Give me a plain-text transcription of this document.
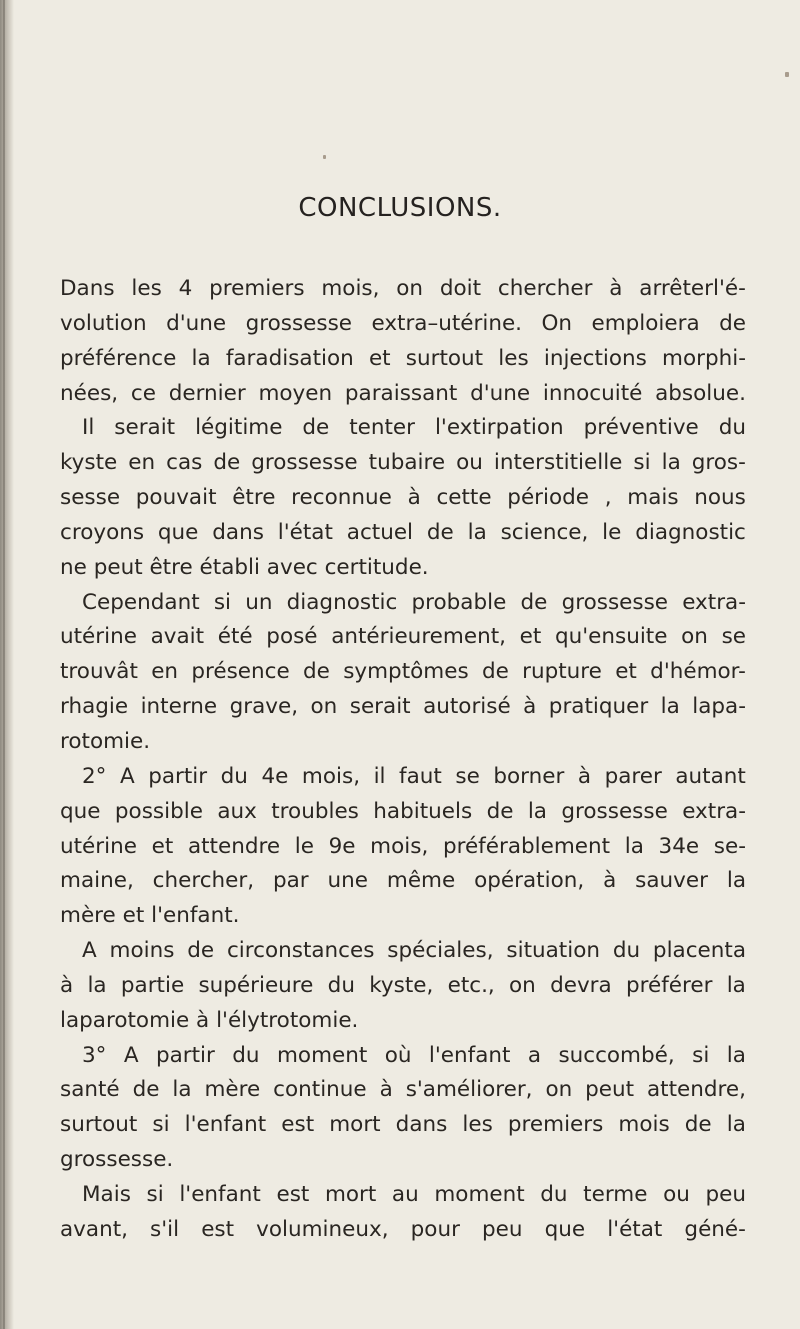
CONCLUSIONS.
Dans les 4 premiers mois, on doit chercher à arrêterl'é-
volution d'une grossesse extra–utérine. On emploiera de
préférence la faradisation et surtout les injections morphi-
nées, ce dernier moyen paraissant d'une innocuité absolue.
Il serait légitime de tenter l'extirpation préventive du
kyste en cas de grossesse tubaire ou interstitielle si la gros-
sesse pouvait être reconnue à cette période , mais nous
croyons que dans l'état actuel de la science, le diagnostic
ne peut être établi avec certitude.
Cependant si un diagnostic probable de grossesse extra-
utérine avait été posé antérieurement, et qu'ensuite on se
trouvât en présence de symptômes de rupture et d'hémor-
rhagie interne grave, on serait autorisé à pratiquer la lapa-
rotomie.
2° A partir du 4e mois, il faut se borner à parer autant
que possible aux troubles habituels de la grossesse extra-
utérine et attendre le 9e mois, préférablement la 34e se-
maine, chercher, par une même opération, à sauver la
mère et l'enfant.
A moins de circonstances spéciales, situation du placenta
à la partie supérieure du kyste, etc., on devra préférer la
laparotomie à l'élytrotomie.
3° A partir du moment où l'enfant a succombé, si la
santé de la mère continue à s'améliorer, on peut attendre,
surtout si l'enfant est mort dans les premiers mois de la
grossesse.
Mais si l'enfant est mort au moment du terme ou peu
avant, s'il est volumineux, pour peu que l'état géné-
